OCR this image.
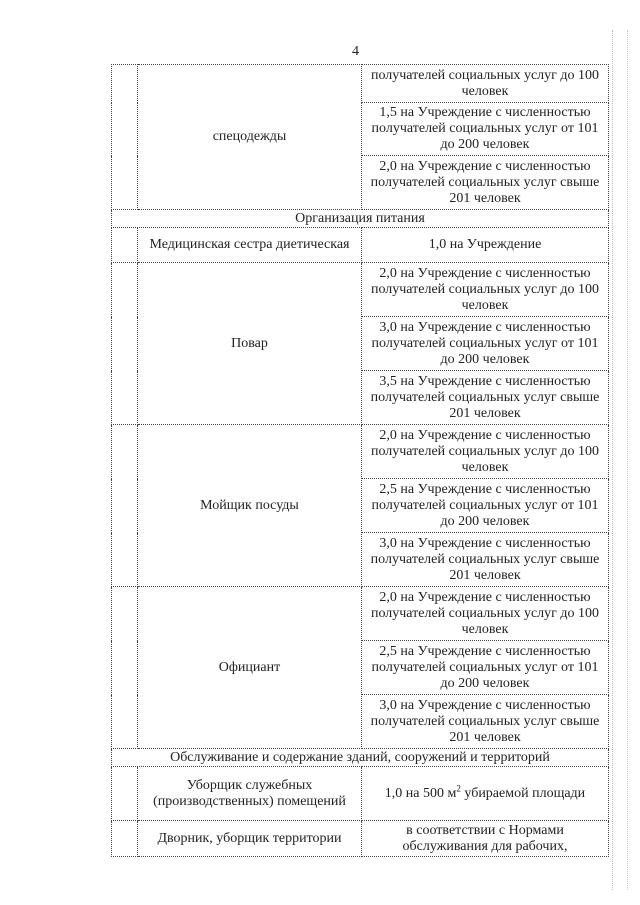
4
	спецодежды	получателей социальных услуг до 100 человек
		1,5 на Учреждение с численностью получателей социальных услуг от 101 до 200 человек
		2,0 на Учреждение с численностью получателей социальных услуг свыше 201 человек
Организация питания		
	Медицинская сестра диетическая	1,0 на Учреждение
	Повар	2,0 на Учреждение с численностью получателей социальных услуг до 100 человек
		3,0 на Учреждение с численностью получателей социальных услуг от 101 до 200 человек
		3,5 на Учреждение с численностью получателей социальных услуг свыше 201 человек
	Мойщик посуды	2,0 на Учреждение с численностью получателей социальных услуг до 100 человек
		2,5 на Учреждение с численностью получателей социальных услуг от 101 до 200 человек
		3,0 на Учреждение с численностью получателей социальных услуг свыше 201 человек
	Официант	2,0 на Учреждение с численностью получателей социальных услуг до 100 человек
		2,5 на Учреждение с численностью получателей социальных услуг от 101 до 200 человек
		3,0 на Учреждение с численностью получателей социальных услуг свыше 201 человек
Обслуживание и содержание зданий, сооружений и территорий		
	Уборщик служебных (производственных) помещений	1,0 на 500 $м^2$ убираемой площади
	Дворник, уборщик территории	в соответствии с Нормами обслуживания для рабочих,
